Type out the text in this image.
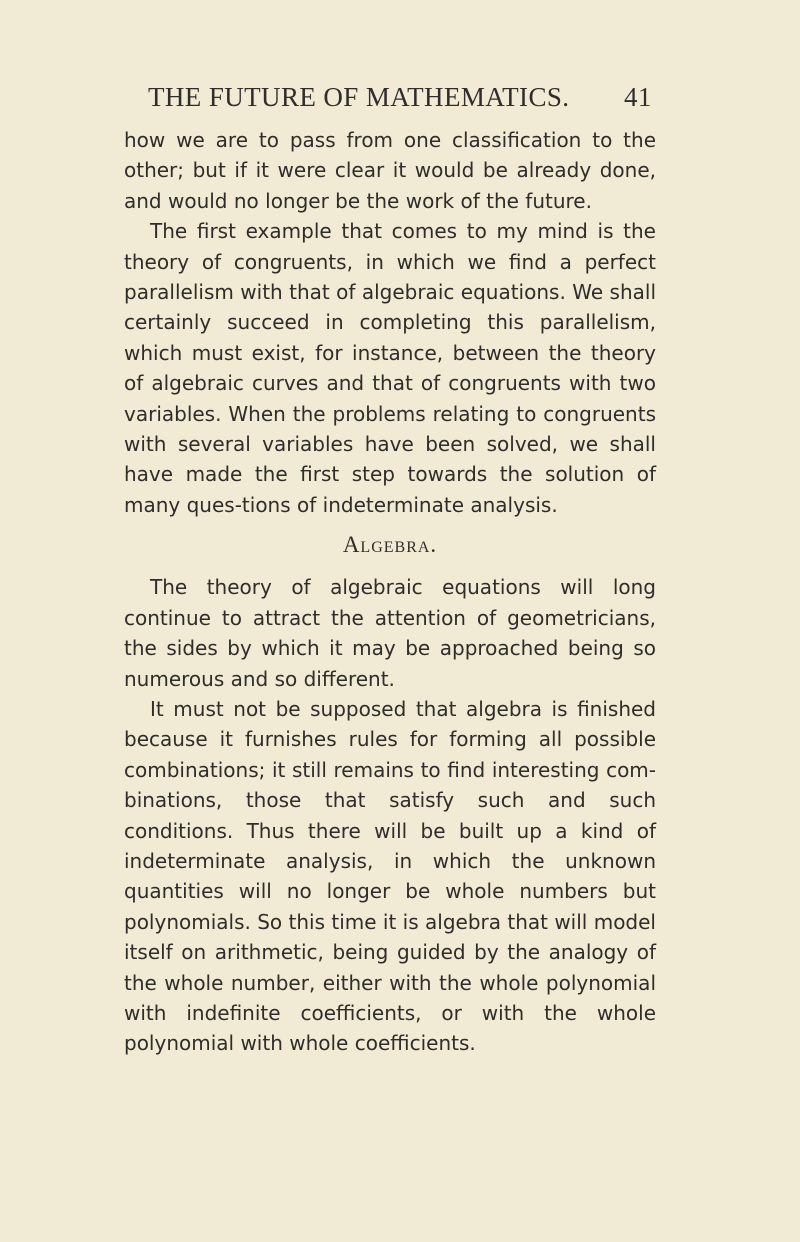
THE FUTURE OF MATHEMATICS. 41

how we are to pass from one classification to the other; but if it were clear it would be already done, and would no longer be the work of the future.

The first example that comes to my mind is the theory of congruents, in which we find a perfect parallelism with that of algebraic equations. We shall certainly succeed in completing this parallelism, which must exist, for instance, between the theory of algebraic curves and that of congruents with two variables. When the problems relating to congruents with several variables have been solved, we shall have made the first step towards the solution of many ques-tions of indeterminate analysis.

Algebra.

The theory of algebraic equations will long continue to attract the attention of geometricians, the sides by which it may be approached being so numerous and so different.

It must not be supposed that algebra is finished because it furnishes rules for forming all possible combinations; it still remains to find interesting com-binations, those that satisfy such and such conditions. Thus there will be built up a kind of indeterminate analysis, in which the unknown quantities will no longer be whole numbers but polynomials. So this time it is algebra that will model itself on arithmetic, being guided by the analogy of the whole number, either with the whole polynomial with indefinite coefficients, or with the whole polynomial with whole coefficients.
